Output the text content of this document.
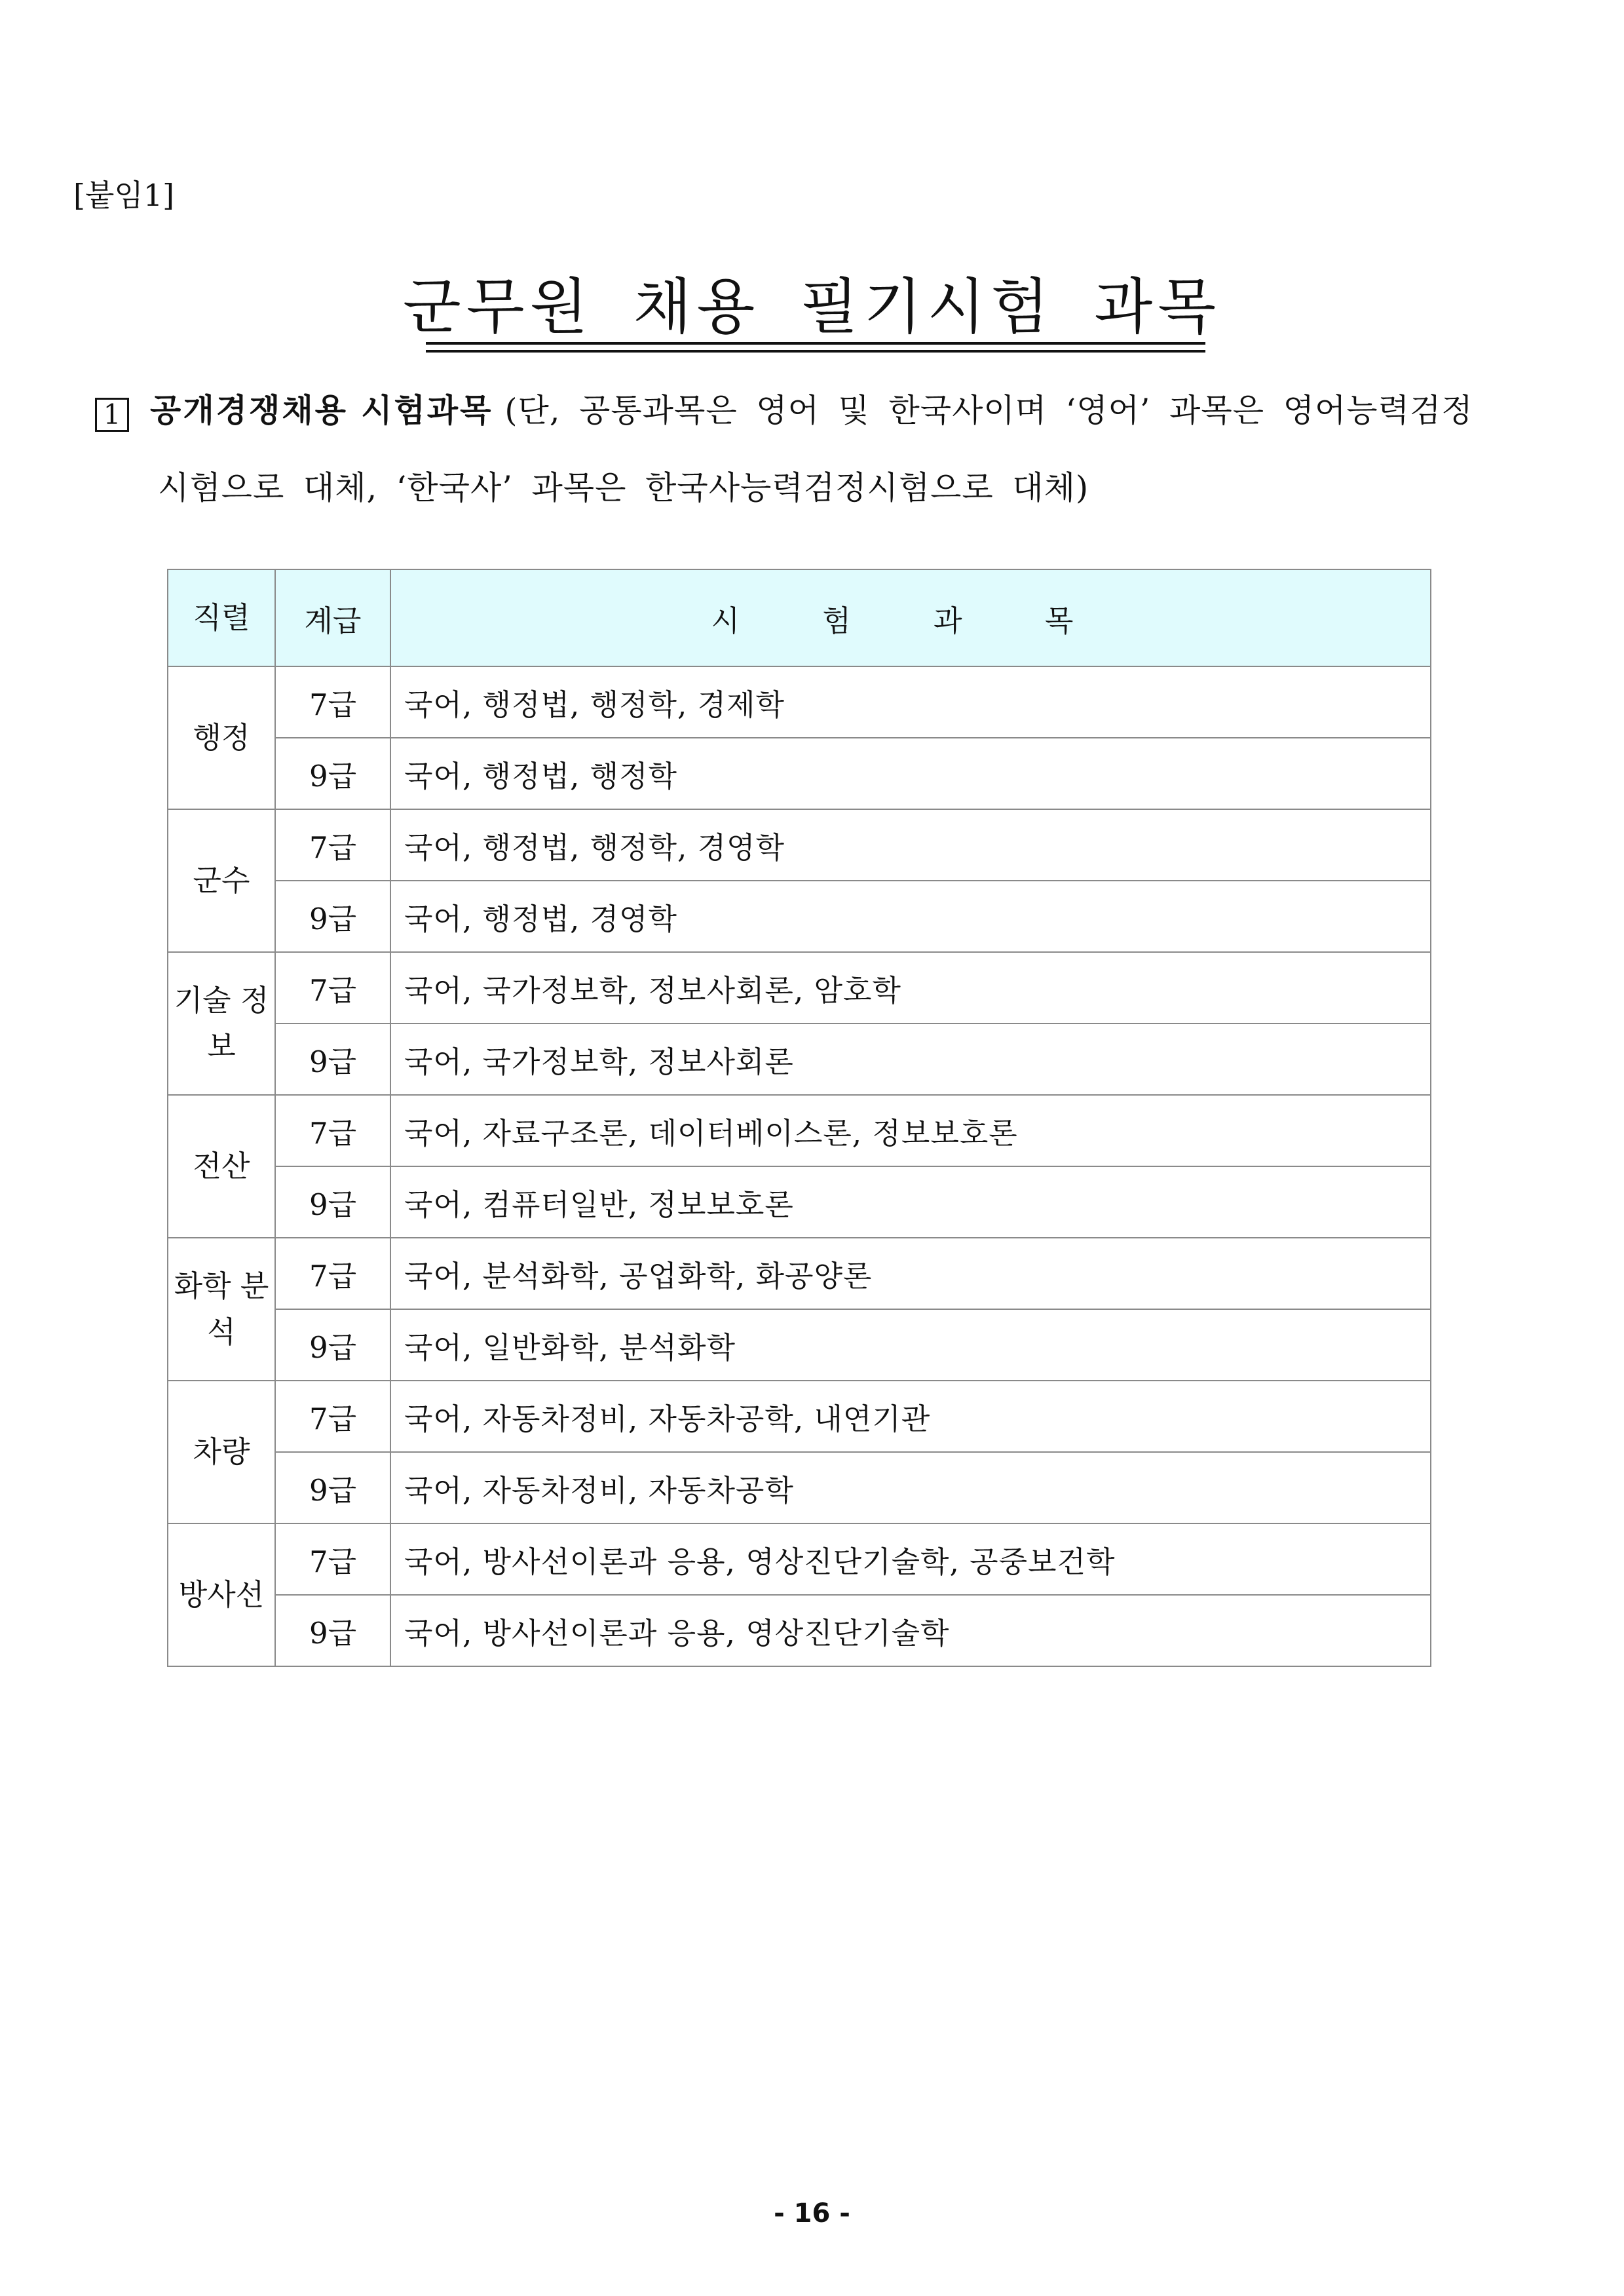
[붙임1]
군무원 채용 필기시험 과목
1 공개경쟁채용 시험과목 (단, 공통과목은 영어 및 한국사이며 ‘영어’ 과목은 영어능력검정
시험으로 대체, ‘한국사’ 과목은 한국사능력검정시험으로 대체)
직렬	계급	시 험 과 목
행정	7급	국어, 행정법, 행정학, 경제학
	9급	국어, 행정법, 행정학
군수	7급	국어, 행정법, 행정학, 경영학
	9급	국어, 행정법, 경영학
기술 정보	7급	국어, 국가정보학, 정보사회론, 암호학
	9급	국어, 국가정보학, 정보사회론
전산	7급	국어, 자료구조론, 데이터베이스론, 정보보호론
	9급	국어, 컴퓨터일반, 정보보호론
화학 분석	7급	국어, 분석화학, 공업화학, 화공양론
	9급	국어, 일반화학, 분석화학
차량	7급	국어, 자동차정비, 자동차공학, 내연기관
	9급	국어, 자동차정비, 자동차공학
방사선	7급	국어, 방사선이론과 응용, 영상진단기술학, 공중보건학
	9급	국어, 방사선이론과 응용, 영상진단기술학
- 16 -
